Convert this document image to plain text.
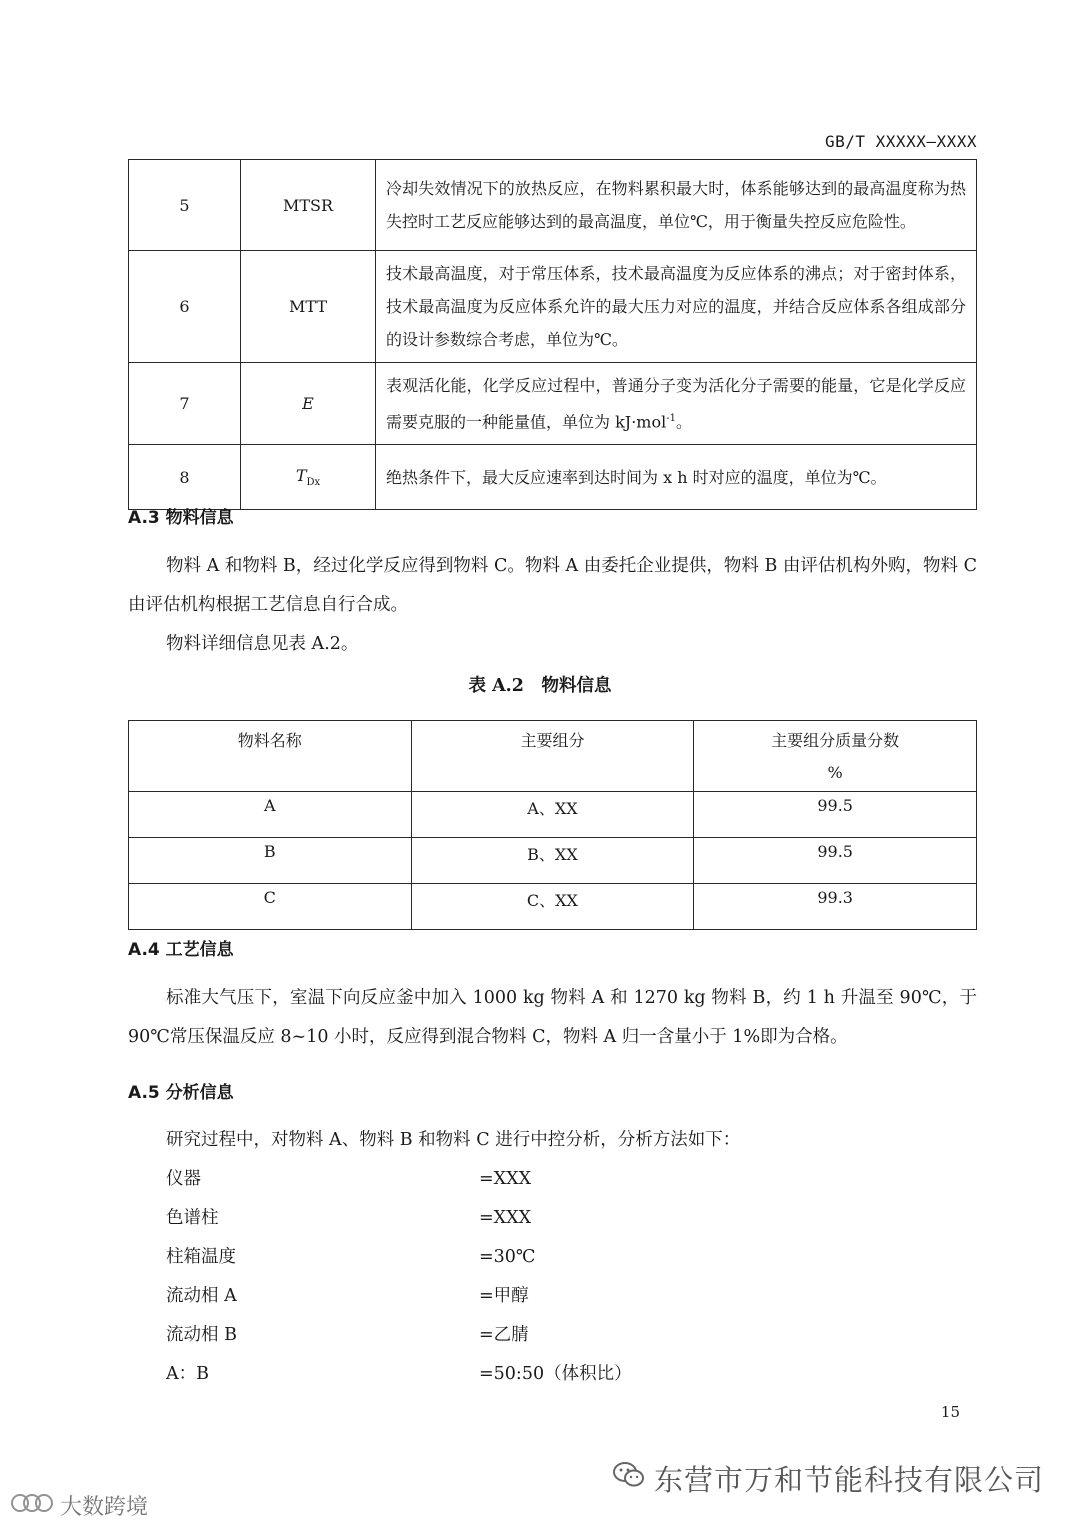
GB/T XXXXX—XXXX
5	MTSR	冷却失效情况下的放热反应，在物料累积最大时，体系能够达到的最高温度称为热失控时工艺反应能够达到的最高温度，单位℃，用于衡量失控反应危险性。
6	MTT	技术最高温度，对于常压体系，技术最高温度为反应体系的沸点；对于密封体系，技术最高温度为反应体系允许的最大压力对应的温度，并结合反应体系各组成部分的设计参数综合考虑，单位为℃。
7	E	表观活化能，化学反应过程中，普通分子变为活化分子需要的能量，它是化学反应需要克服的一种能量值，单位为 kJ·mol$^{-1}$。
8	$T_{Dx}$	绝热条件下，最大反应速率到达时间为 x h 时对应的温度，单位为℃。
A.3 物料信息
物料 A 和物料 B，经过化学反应得到物料 C。物料 A 由委托企业提供，物料 B 由评估机构外购，物料 C 由评估机构根据工艺信息自行合成。
物料详细信息见表 A.2。
表 A.2　物料信息
物料名称	主要组分	主要组分质量分数
%
A	A、XX	99.5
B	B、XX	99.5
C	C、XX	99.3
A.4 工艺信息
标准大气压下，室温下向反应釜中加入 1000 kg 物料 A 和 1270 kg 物料 B，约 1 h 升温至 90℃，于 90℃常压保温反应 8~10 小时，反应得到混合物料 C，物料 A 归一含量小于 1%即为合格。
A.5 分析信息
研究过程中，对物料 A、物料 B 和物料 C 进行中控分析，分析方法如下：
仪器	=XXX
色谱柱	=XXX
柱箱温度	=30℃
流动相 A	=甲醇
流动相 B	=乙腈
A：B	=50:50（体积比）
15
东营市万和节能科技有限公司
大数跨境
